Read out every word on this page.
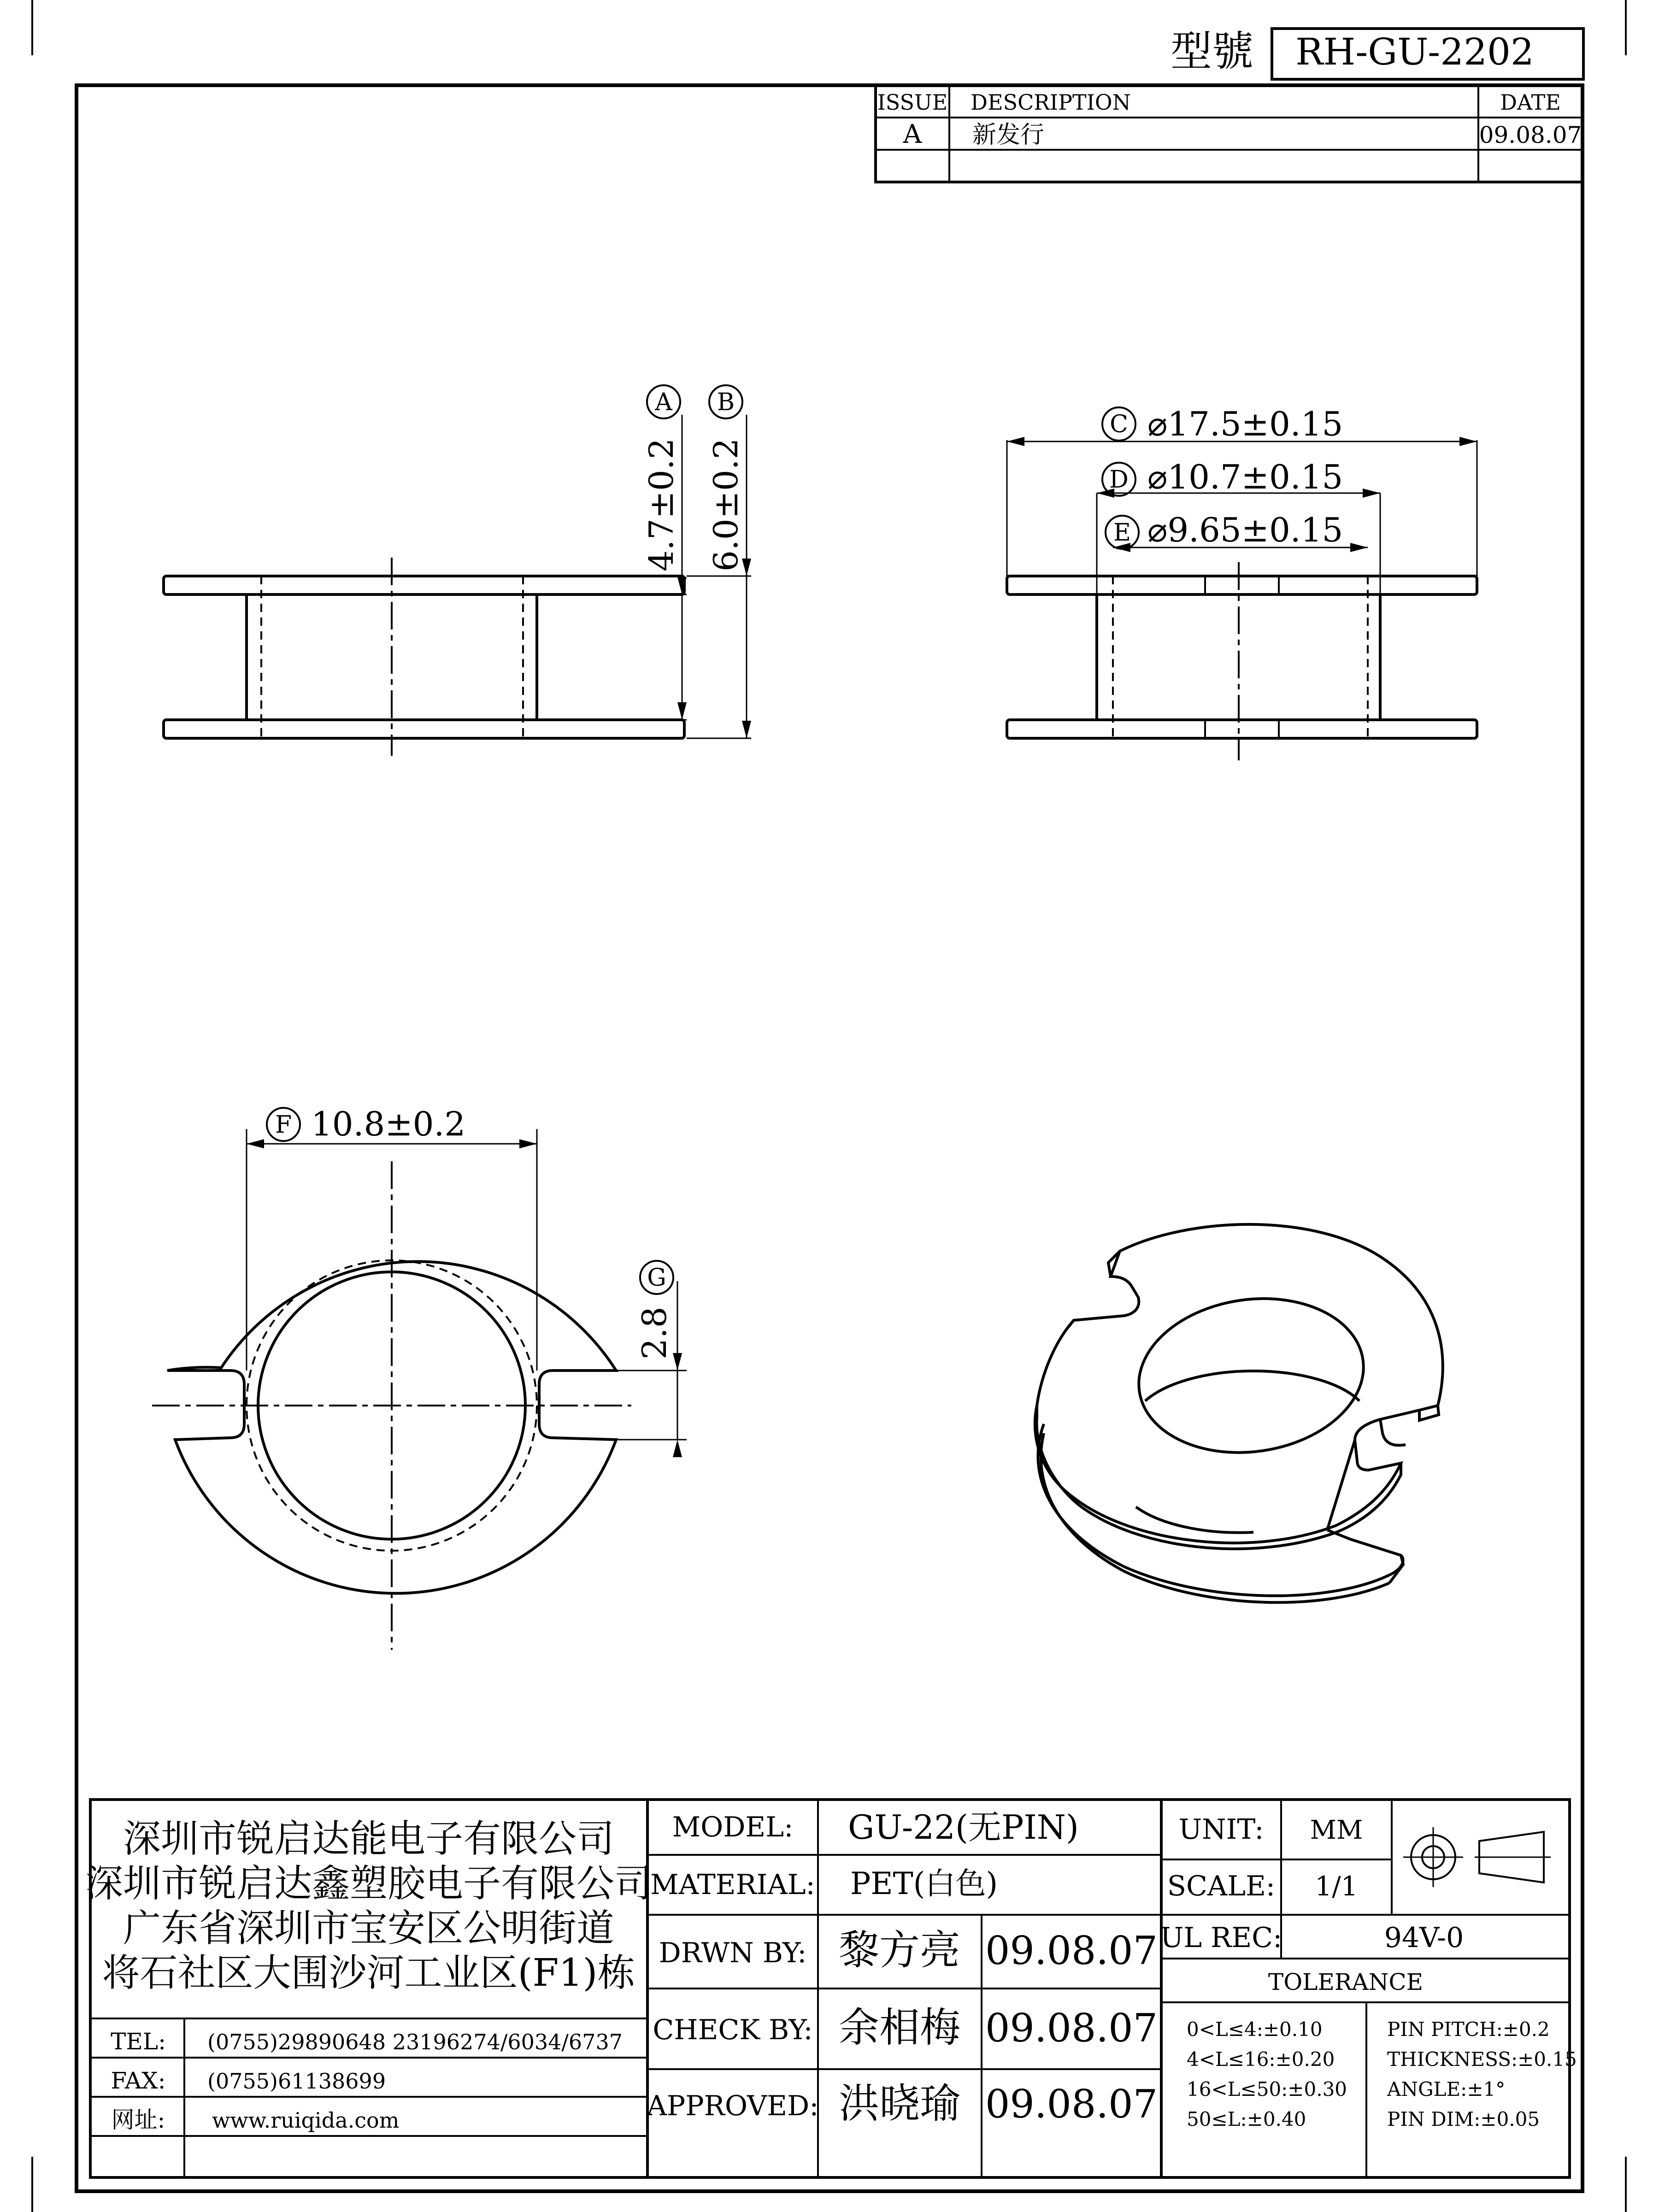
型號 RH-GU-2202
ISSUE DESCRIPTION	DATE
A 新发行	09.08.07
A
4.7±0.2
B
6.0±0.2
C ⌀17.5±0.15
D ⌀10.7±0.15
E ⌀9.65±0.15
F 10.8±0.2
G
2.8
深圳市锐启达能电子有限公司
深圳市锐启达鑫塑胶电子有限公司
广东省深圳市宝安区公明街道
将石社区大围沙河工业区(F1)栋
TEL: (0755)29890648 23196274/6034/6737
FAX: (0755)61138699
网址: www.ruiqida.com
MODEL: GU-22(无PIN)
MATERIAL: PET(白色)
DRWN BY: 黎方亮 09.08.07
CHECK BY: 余相梅 09.08.07
APPROVED: 洪晓瑜 09.08.07
UNIT: MM
SCALE: 1/1
UL REC:	94V-0
TOLERANCE
0<L≤4:±0.10
4<L≤16:±0.20
16<L≤50:±0.30
50≤L:±0.40
PIN PITCH:±0.2
THICKNESS:±0.15
ANGLE:±1°
PIN DIM:±0.05
